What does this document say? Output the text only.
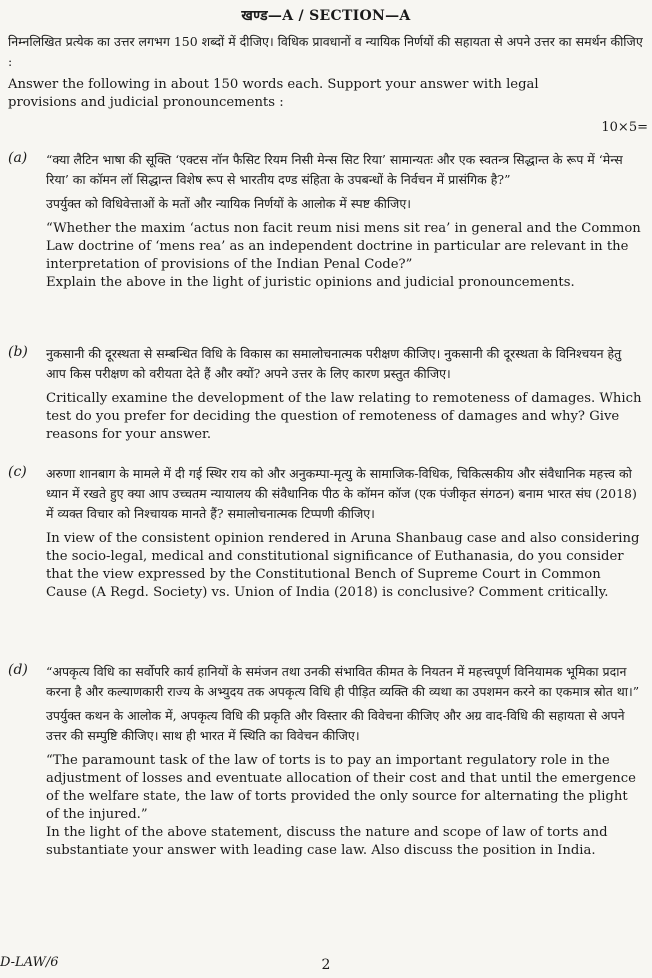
खण्ड—A / SECTION—A

निम्नलिखित प्रत्येक का उत्तर लगभग 150 शब्दों में दीजिए। विधिक प्रावधानों व न्यायिक निर्णयों की सहायता से अपने उत्तर का समर्थन कीजिए :

Answer the following in about 150 words each. Support your answer with legal provisions and judicial pronouncements :

10×5=
(a) “क्या लैटिन भाषा की सूक्ति ‘एक्टस नॉन फैसिट रियम निसी मेन्स सिट रिया’ सामान्यतः और एक स्वतन्त्र सिद्धान्त के रूप में ‘मेन्स रिया’ का कॉमन लॉ सिद्धान्त विशेष रूप से भारतीय दण्ड संहिता के उपबन्धों के निर्वचन में प्रासंगिक है?”

उपर्युक्त को विधिवेत्ताओं के मतों और न्यायिक निर्णयों के आलोक में स्पष्ट कीजिए।

“Whether the maxim ‘actus non facit reum nisi mens sit rea’ in general and the Common Law doctrine of ‘mens rea’ as an independent doctrine in particular are relevant in the interpretation of provisions of the Indian Penal Code?”

Explain the above in the light of juristic opinions and judicial pronouncements.

(b) नुकसानी की दूरस्थता से सम्बन्धित विधि के विकास का समालोचनात्मक परीक्षण कीजिए। नुकसानी की दूरस्थता के विनिश्चयन हेतु आप किस परीक्षण को वरीयता देते हैं और क्यों? अपने उत्तर के लिए कारण प्रस्तुत कीजिए।

Critically examine the development of the law relating to remoteness of damages. Which test do you prefer for deciding the question of remoteness of damages and why? Give reasons for your answer.

(c) अरुणा शानबाग के मामले में दी गई स्थिर राय को और अनुकम्पा-मृत्यु के सामाजिक-विधिक, चिकित्सकीय और संवैधानिक महत्त्व को ध्यान में रखते हुए क्या आप उच्चतम न्यायालय की संवैधानिक पीठ के कॉमन कॉज (एक पंजीकृत संगठन) बनाम भारत संघ (2018) में व्यक्त विचार को निश्चायक मानते हैं? समालोचनात्मक टिप्पणी कीजिए।

In view of the consistent opinion rendered in Aruna Shanbaug case and also considering the socio-legal, medical and constitutional significance of Euthanasia, do you consider that the view expressed by the Constitutional Bench of Supreme Court in Common Cause (A Regd. Society) vs. Union of India (2018) is conclusive? Comment critically.

(d) “अपकृत्य विधि का सर्वोपरि कार्य हानियों के समंजन तथा उनकी संभावित कीमत के नियतन में महत्त्वपूर्ण विनियामक भूमिका प्रदान करना है और कल्याणकारी राज्य के अभ्युदय तक अपकृत्य विधि ही पीड़ित व्यक्ति की व्यथा का उपशमन करने का एकमात्र स्रोत था।”

उपर्युक्त कथन के आलोक में, अपकृत्य विधि की प्रकृति और विस्तार की विवेचना कीजिए और अग्र वाद-विधि की सहायता से अपने उत्तर की सम्पुष्टि कीजिए। साथ ही भारत में स्थिति का विवेचन कीजिए।

“The paramount task of the law of torts is to pay an important regulatory role in the adjustment of losses and eventuate allocation of their cost and that until the emergence of the welfare state, the law of torts provided the only source for alternating the plight of the injured.”

In the light of the above statement, discuss the nature and scope of law of torts and substantiate your answer with leading case law. Also discuss the position in India.

D-LAW/6	2
